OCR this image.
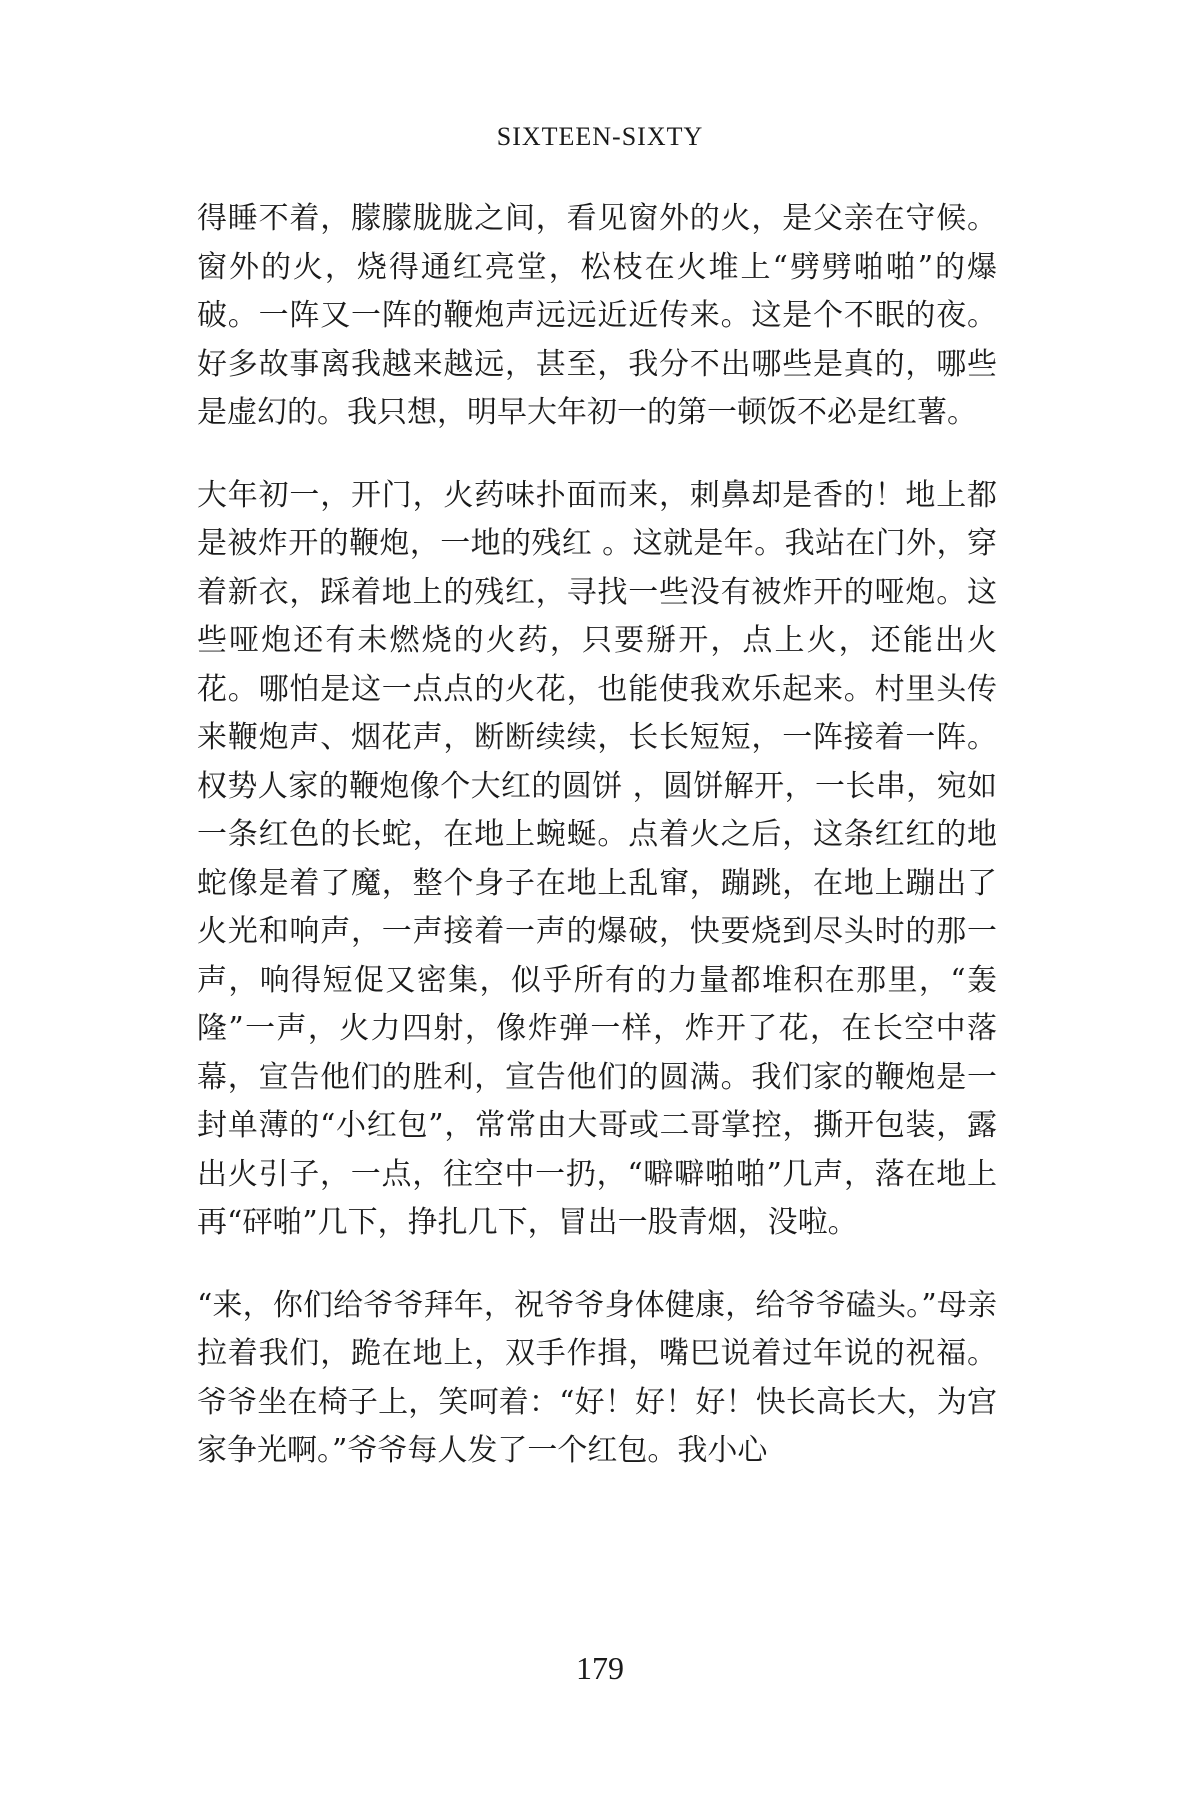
SIXTEEN-SIXTY

得睡不着，朦朦胧胧之间，看见窗外的火，是父亲在守候。窗外的火，烧得通红亮堂，松枝在火堆上“劈劈啪啪”的爆破。一阵又一阵的鞭炮声远远近近传来。这是个不眠的夜。好多故事离我越来越远，甚至，我分不出哪些是真的，哪些是虚幻的。我只想，明早大年初一的第一顿饭不必是红薯。

大年初一，开门，火药味扑面而来，刺鼻却是香的！地上都是被炸开的鞭炮，一地的残红 。这就是年。我站在门外，穿着新衣，踩着地上的残红，寻找一些没有被炸开的哑炮。这些哑炮还有未燃烧的火药，只要掰开，点上火，还能出火花。哪怕是这一点点的火花，也能使我欢乐起来。村里头传来鞭炮声、烟花声，断断续续，长长短短，一阵接着一阵。权势人家的鞭炮像个大红的圆饼 ，圆饼解开，一长串，宛如一条红色的长蛇，在地上蜿蜒。点着火之后，这条红红的地蛇像是着了魔，整个身子在地上乱窜，蹦跳，在地上蹦出了火光和响声，一声接着一声的爆破，快要烧到尽头时的那一声，响得短促又密集，似乎所有的力量都堆积在那里，“轰隆”一声，火力四射，像炸弹一样，炸开了花，在长空中落幕，宣告他们的胜利，宣告他们的圆满。我们家的鞭炮是一封单薄的“小红包”，常常由大哥或二哥掌控，撕开包装，露出火引子，一点，往空中一扔，“噼噼啪啪”几声，落在地上再“砰啪”几下，挣扎几下，冒出一股青烟，没啦。

“来，你们给爷爷拜年，祝爷爷身体健康，给爷爷磕头。”母亲拉着我们，跪在地上，双手作揖，嘴巴说着过年说的祝福。爷爷坐在椅子上，笑呵着：“好！好！好！快长高长大，为宫家争光啊。”爷爷每人发了一个红包。我小心

179
